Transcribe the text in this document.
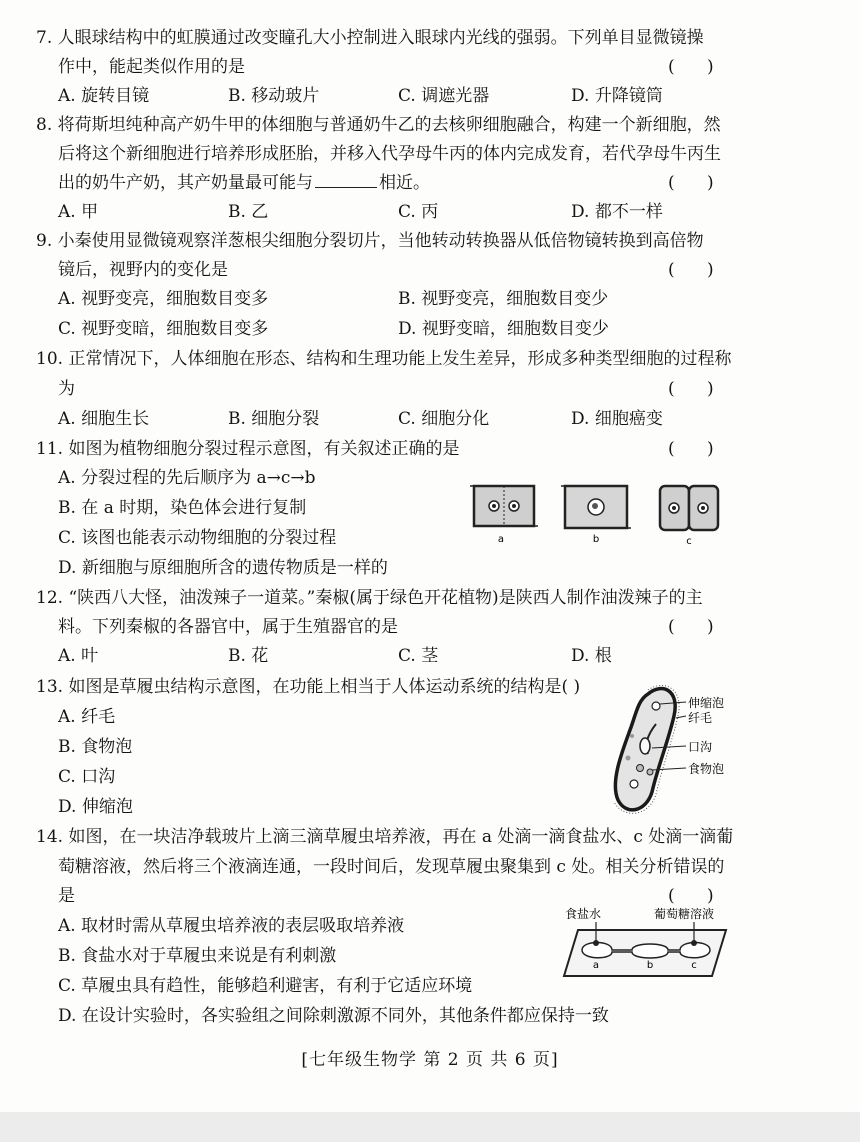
7. 人眼球结构中的虹膜通过改变瞳孔大小控制进入眼球内光线的强弱。下列单目显微镜操
作中，能起类似作用的是	(      )
A. 旋转目镜	B. 移动玻片	C. 调遮光器	D. 升降镜筒
8. 将荷斯坦纯种高产奶牛甲的体细胞与普通奶牛乙的去核卵细胞融合，构建一个新细胞，然
后将这个新细胞进行培养形成胚胎，并移入代孕母牛丙的体内完成发育，若代孕母牛丙生
出的奶牛产奶，其产奶量最可能与	相近。	(      )
A. 甲	B. 乙	C. 丙	D. 都不一样
9. 小秦使用显微镜观察洋葱根尖细胞分裂切片，当他转动转换器从低倍物镜转换到高倍物
镜后，视野内的变化是	(      )
A. 视野变亮，细胞数目变多	B. 视野变亮，细胞数目变少
C. 视野变暗，细胞数目变多	D. 视野变暗，细胞数目变少
10. 正常情况下，人体细胞在形态、结构和生理功能上发生差异，形成多种类型细胞的过程称
为	(      )
A. 细胞生长	B. 细胞分裂	C. 细胞分化	D. 细胞癌变
11. 如图为植物细胞分裂过程示意图，有关叙述正确的是	(      )
A. 分裂过程的先后顺序为 a→c→b
B. 在 a 时期，染色体会进行复制
C. 该图也能表示动物细胞的分裂过程
D. 新细胞与原细胞所含的遗传物质是一样的
a	b	c
12. “陕西八大怪，油泼辣子一道菜。”秦椒(属于绿色开花植物)是陕西人制作油泼辣子的主
料。下列秦椒的各器官中，属于生殖器官的是	(      )
A. 叶	B. 花	C. 茎	D. 根
13. 如图是草履虫结构示意图，在功能上相当于人体运动系统的结构是( )
A. 纤毛
B. 食物泡
C. 口沟
D. 伸缩泡
伸缩泡
纤毛
口沟
食物泡
14. 如图，在一块洁净载玻片上滴三滴草履虫培养液，再在 a 处滴一滴食盐水、c 处滴一滴葡
萄糖溶液，然后将三个液滴连通，一段时间后，发现草履虫聚集到 c 处。相关分析错误的
是	(      )
A. 取材时需从草履虫培养液的表层吸取培养液
B. 食盐水对于草履虫来说是有利刺激
C. 草履虫具有趋性，能够趋利避害，有利于它适应环境
D. 在设计实验时，各实验组之间除刺激源不同外，其他条件都应保持一致
食盐水	葡萄糖溶液
a	b	c
[七年级生物学 第 2 页 共 6 页]
